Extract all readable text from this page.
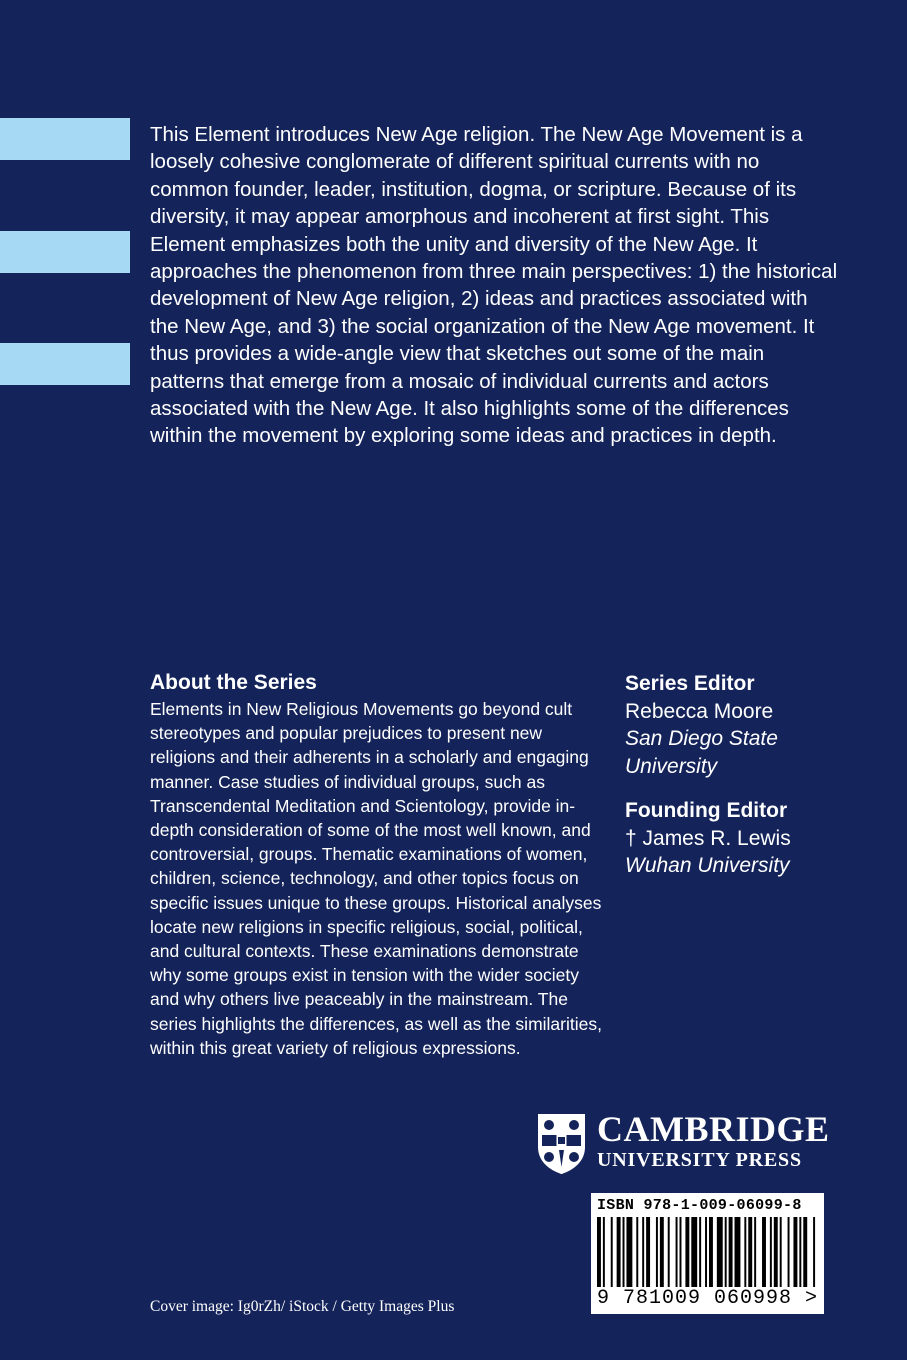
This Element introduces New Age religion. The New Age Movement is a loosely cohesive conglomerate of different spiritual currents with no common founder, leader, institution, dogma, or scripture. Because of its diversity, it may appear amorphous and incoherent at first sight. This Element emphasizes both the unity and diversity of the New Age. It approaches the phenomenon from three main perspectives: 1) the historical development of New Age religion, 2) ideas and practices associated with the New Age, and 3) the social organization of the New Age movement. It thus provides a wide-angle view that sketches out some of the main patterns that emerge from a mosaic of individual currents and actors associated with the New Age. It also highlights some of the differences within the movement by exploring some ideas and practices in depth.

About the Series

Elements in New Religious Movements go beyond cult stereotypes and popular prejudices to present new religions and their adherents in a scholarly and engaging manner. Case studies of individual groups, such as Transcendental Meditation and Scientology, provide in-depth consideration of some of the most well known, and controversial, groups. Thematic examinations of women, children, science, technology, and other topics focus on specific issues unique to these groups. Historical analyses locate new religions in specific religious, social, political, and cultural contexts. These examinations demonstrate why some groups exist in tension with the wider society and why others live peaceably in the mainstream. The series highlights the differences, as well as the similarities, within this great variety of religious expressions.

Series Editor
Rebecca Moore
San Diego State
University
Founding Editor
† James R. Lewis
Wuhan University
CAMBRIDGE
UNIVERSITY PRESS
ISBN 978-1-009-06099-8
9 781009 060998 >
Cover image: Ig0rZh/ iStock / Getty Images Plus
